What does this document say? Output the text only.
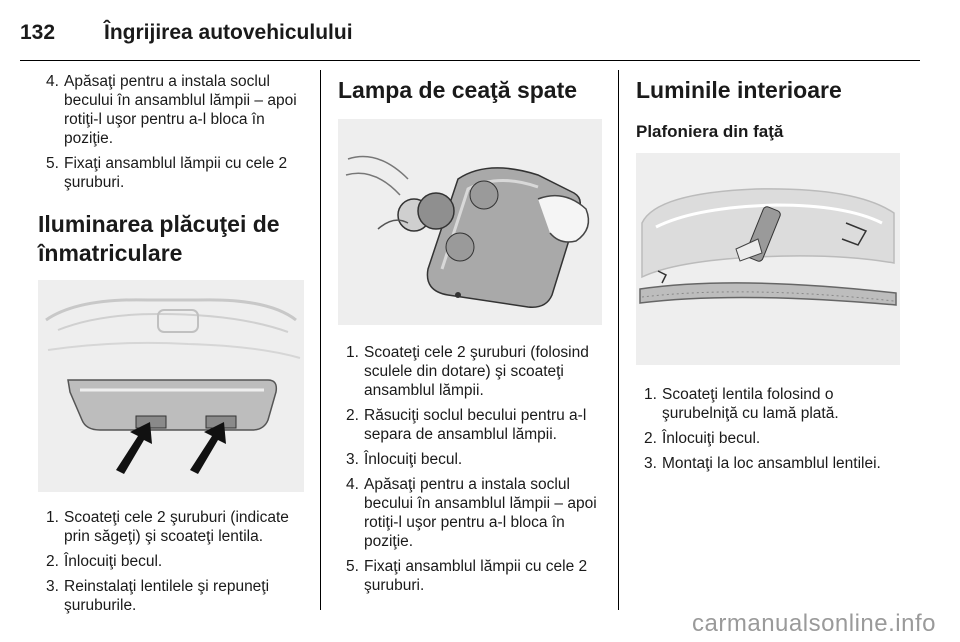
132	Îngrijirea autovehiculului
4. Apăsaţi pentru a instala soclul becului în ansamblul lămpii – apoi rotiţi-l uşor pentru a-l bloca în poziţie.
5. Fixaţi ansamblul lămpii cu cele 2 şuruburi.
Iluminarea plăcuţei de înmatriculare
1. Scoateţi cele 2 şuruburi (indicate prin săgeţi) şi scoateţi lentila.
2. Înlocuiţi becul.
3. Reinstalaţi lentilele şi repuneţi şuruburile.
Lampa de ceaţă spate
1. Scoateţi cele 2 şuruburi (folosind sculele din dotare) şi scoateţi ansamblul lămpii.
2. Răsuciţi soclul becului pentru a-l separa de ansamblul lămpii.
3. Înlocuiţi becul.
4. Apăsaţi pentru a instala soclul becului în ansamblul lămpii – apoi rotiţi-l uşor pentru a-l bloca în poziţie.
5. Fixaţi ansamblul lămpii cu cele 2 şuruburi.
Luminile interioare
Plafoniera din faţă
1. Scoateţi lentila folosind o şurubelniţă cu lamă plată.
2. Înlocuiţi becul.
3. Montaţi la loc ansamblul lentilei.
carmanualsonline.info
